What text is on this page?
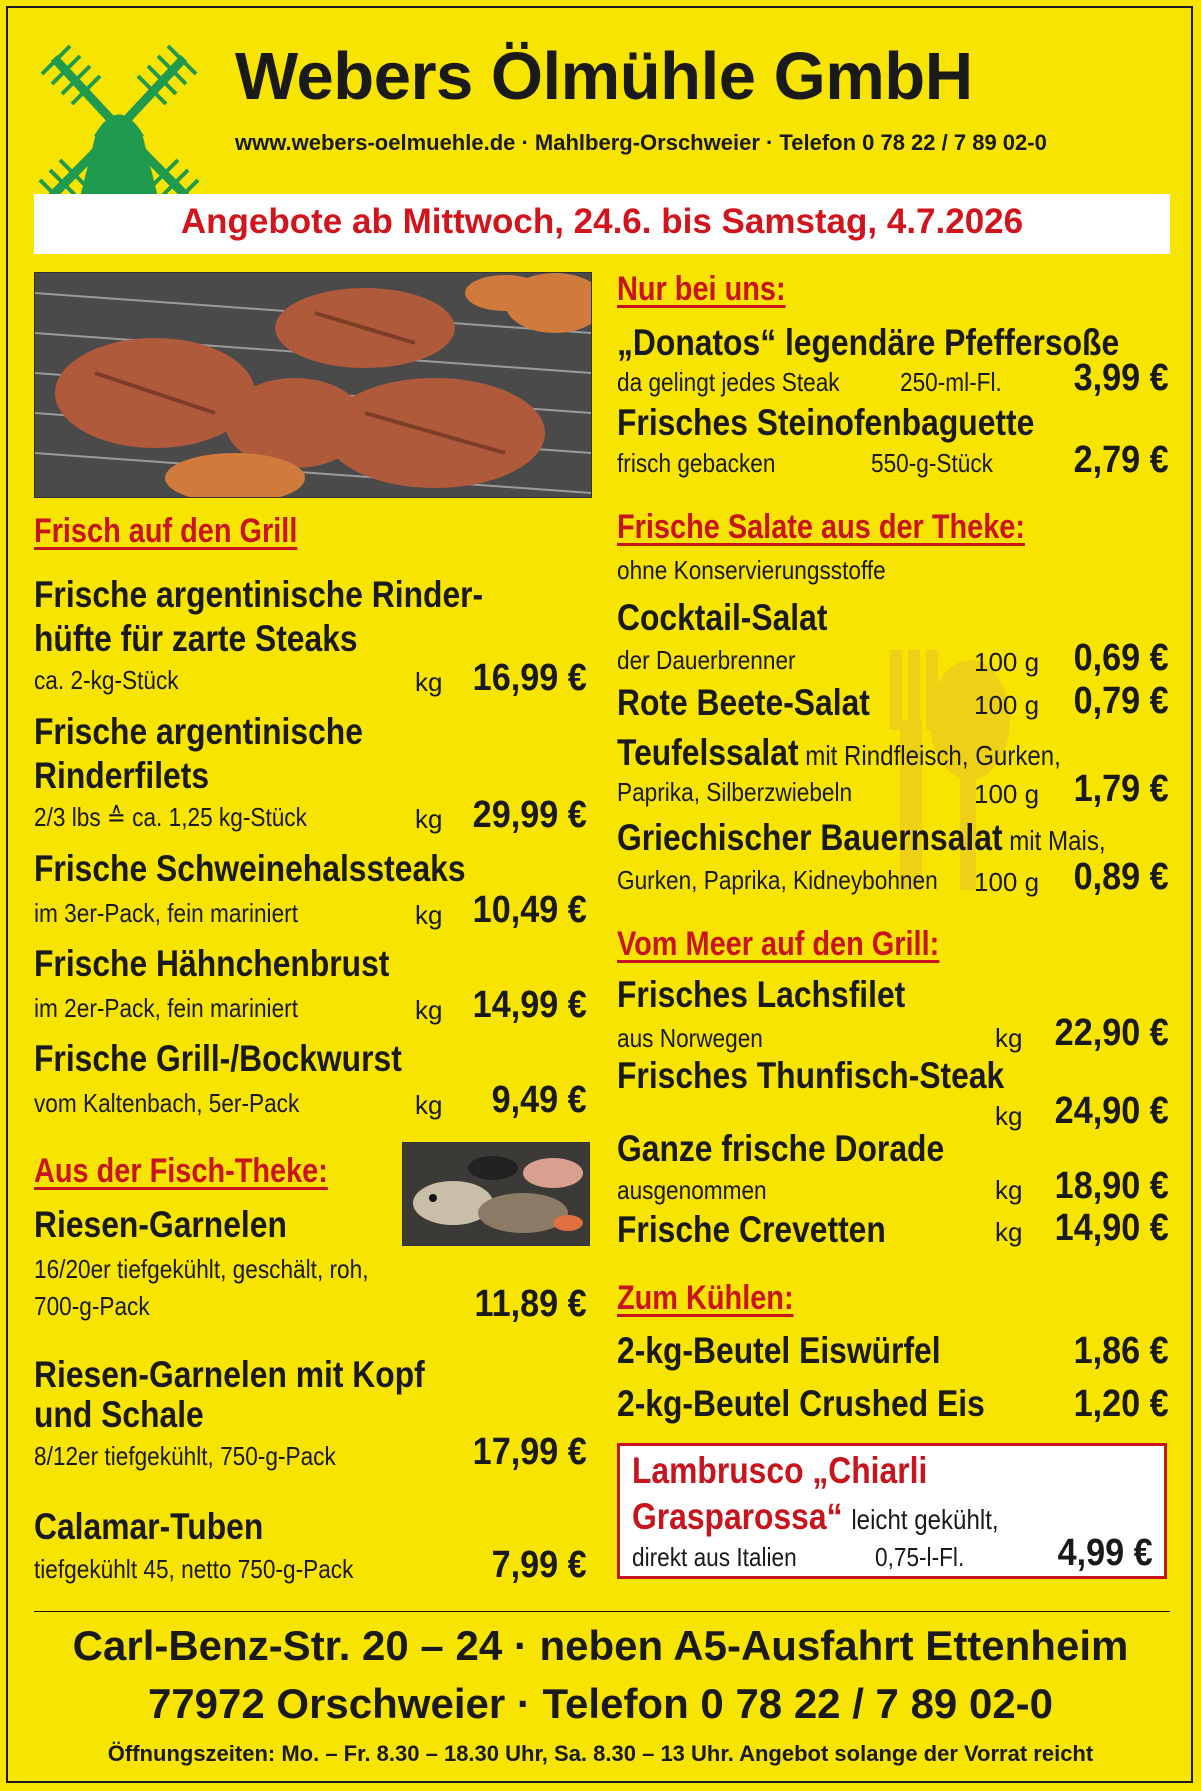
Webers Ölmühle GmbH
www.webers-oelmuehle.de · Mahlberg-Orschweier · Telefon 0 78 22 / 7 89 02-0
Angebote ab Mittwoch, 24.6. bis Samstag, 4.7.2026
Frisch auf den Grill
Frische argentinische Rinder-
hüfte für zarte Steaks
ca. 2-kg-Stück	kg 16,99 €
Frische argentinische
Rinderfilets
2/3 lbs ≙ ca. 1,25 kg-Stück	kg 29,99 €
Frische Schweinehalssteaks
im 3er-Pack, fein mariniert	kg 10,49 €
Frische Hähnchenbrust
im 2er-Pack, fein mariniert	kg 14,99 €
Frische Grill-/Bockwurst
vom Kaltenbach, 5er-Pack	kg 9,49 €
Aus der Fisch-Theke:
Riesen-Garnelen
16/20er tiefgekühlt, geschält, roh,
700-g-Pack	11,89 €
Riesen-Garnelen mit Kopf
und Schale
8/12er tiefgekühlt, 750-g-Pack	17,99 €
Calamar-Tuben
tiefgekühlt 45, netto 750-g-Pack	7,99 €
Nur bei uns:
„Donatos“ legendäre Pfeffersoße
da gelingt jedes Steak 250-ml-Fl. 3,99 €
Frisches Steinofenbaguette
frisch gebacken	550-g-Stück 2,79 €
Frische Salate aus der Theke:
ohne Konservierungsstoffe
Cocktail-Salat
der Dauerbrenner	100 g 0,69 €
Rote Beete-Salat	100 g 0,79 €
Teufelssalat mit Rindfleisch, Gurken,
Paprika, Silberzwiebeln	100 g 1,79 €
Griechischer Bauernsalat mit Mais,
Gurken, Paprika, Kidneybohnen 100 g 0,89 €
Vom Meer auf den Grill:
Frisches Lachsfilet
aus Norwegen	kg 22,90 €
Frisches Thunfisch-Steak
kg 24,90 €
Ganze frische Dorade
ausgenommen	kg 18,90 €
Frische Crevetten	kg 14,90 €
Zum Kühlen:
2-kg-Beutel Eiswürfel	1,86 €
2-kg-Beutel Crushed Eis 1,20 €
Lambrusco „Chiarli
Grasparossa“ leicht gekühlt,
direkt aus Italien	0,75-l-Fl. 4,99 €
Carl-Benz-Str. 20 – 24 · neben A5-Ausfahrt Ettenheim
77972 Orschweier · Telefon 0 78 22 / 7 89 02-0
Öffnungszeiten: Mo. – Fr. 8.30 – 18.30 Uhr, Sa. 8.30 – 13 Uhr. Angebot solange der Vorrat reicht
